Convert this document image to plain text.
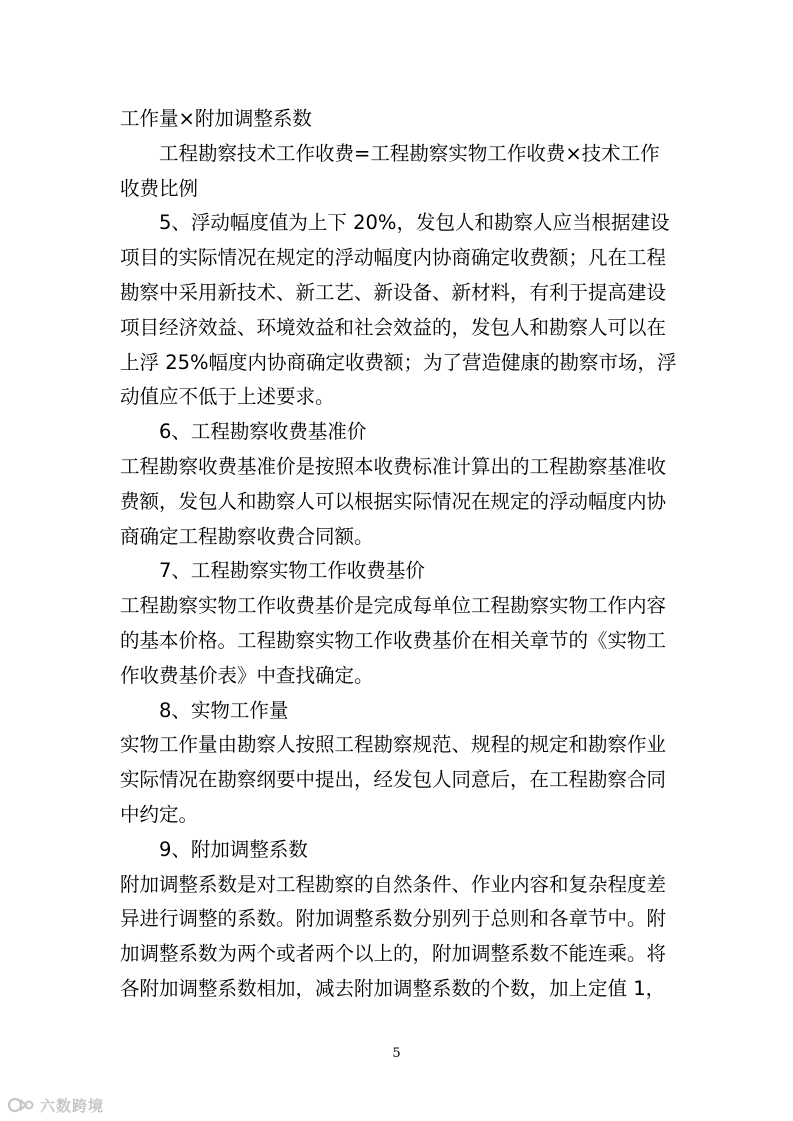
工作量×附加调整系数
工程勘察技术工作收费=工程勘察实物工作收费×技术工作
收费比例
5、浮动幅度值为上下 20%，发包人和勘察人应当根据建设
项目的实际情况在规定的浮动幅度内协商确定收费额；凡在工程
勘察中采用新技术、新工艺、新设备、新材料，有利于提高建设
项目经济效益、环境效益和社会效益的，发包人和勘察人可以在
上浮 25%幅度内协商确定收费额；为了营造健康的勘察市场，浮
动值应不低于上述要求。
6、工程勘察收费基准价
工程勘察收费基准价是按照本收费标准计算出的工程勘察基准收
费额，发包人和勘察人可以根据实际情况在规定的浮动幅度内协
商确定工程勘察收费合同额。
7、工程勘察实物工作收费基价
工程勘察实物工作收费基价是完成每单位工程勘察实物工作内容
的基本价格。工程勘察实物工作收费基价在相关章节的《实物工
作收费基价表》中查找确定。
8、实物工作量
实物工作量由勘察人按照工程勘察规范、规程的规定和勘察作业
实际情况在勘察纲要中提出，经发包人同意后，在工程勘察合同
中约定。
9、附加调整系数
附加调整系数是对工程勘察的自然条件、作业内容和复杂程度差
异进行调整的系数。附加调整系数分别列于总则和各章节中。附
加调整系数为两个或者两个以上的，附加调整系数不能连乘。将
各附加调整系数相加，减去附加调整系数的个数，加上定值 1，
5
六数跨境
